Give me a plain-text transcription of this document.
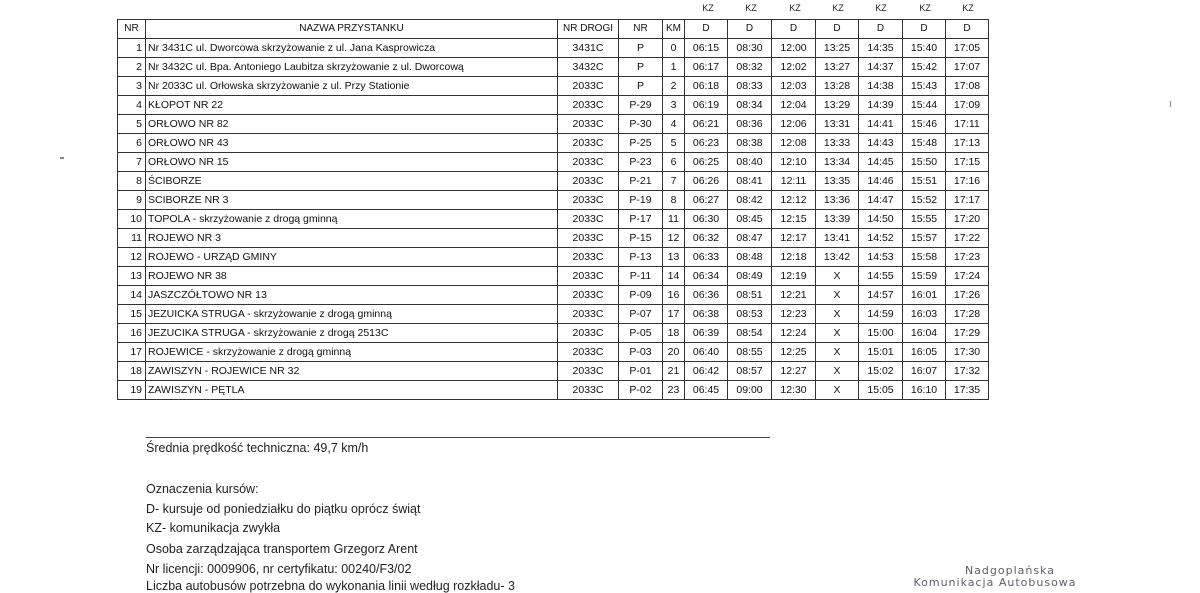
KZ	KZ	KZ	KZ	KZ	KZ	KZ
NR	NAZWA PRZYSTANKU	NR DROGI	NR	KM	D	D	D	D	D	D	D
1	Nr 3431C ul. Dworcowa skrzyżowanie z ul. Jana Kasprowicza	3431C	P	0	06:15	08:30	12:00	13:25	14:35	15:40	17:05
2	Nr 3432C ul. Bpa. Antoniego Laubitza skrzyżowanie z ul. Dworcową	3432C	P	1	06:17	08:32	12:02	13:27	14:37	15:42	17:07
3	Nr 2033C ul. Orłowska skrzyżowanie z ul. Przy Stationie	2033C	P	2	06:18	08:33	12:03	13:28	14:38	15:43	17:08
4	KŁOPOT NR 22	2033C	P-29	3	06:19	08:34	12:04	13:29	14:39	15:44	17:09
5	ORŁOWO NR 82	2033C	P-30	4	06:21	08:36	12:06	13:31	14:41	15:46	17:11
6	ORŁOWO NR 43	2033C	P-25	5	06:23	08:38	12:08	13:33	14:43	15:48	17:13
7	ORŁOWO NR 15	2033C	P-23	6	06:25	08:40	12:10	13:34	14:45	15:50	17:15
8	ŚCIBORZE	2033C	P-21	7	06:26	08:41	12:11	13:35	14:46	15:51	17:16
9	SCIBORZE NR 3	2033C	P-19	8	06:27	08:42	12:12	13:36	14:47	15:52	17:17
10	TOPOLA - skrzyżowanie z drogą gminną	2033C	P-17	11	06:30	08:45	12:15	13:39	14:50	15:55	17:20
11	ROJEWO NR 3	2033C	P-15	12	06:32	08:47	12:17	13:41	14:52	15:57	17:22
12	ROJEWO - URZĄD GMINY	2033C	P-13	13	06:33	08:48	12:18	13:42	14:53	15:58	17:23
13	ROJEWO NR 38	2033C	P-11	14	06:34	08:49	12:19	X	14:55	15:59	17:24
14	JASZCZÓŁTOWO NR 13	2033C	P-09	16	06:36	08:51	12:21	X	14:57	16:01	17:26
15	JEZUICKA STRUGA - skrzyżowanie z drogą gminną	2033C	P-07	17	06:38	08:53	12:23	X	14:59	16:03	17:28
16	JEZUCIKA STRUGA - skrzyżowanie z drogą 2513C	2033C	P-05	18	06:39	08:54	12:24	X	15:00	16:04	17:29
17	ROJEWICE - skrzyżowanie z drogą gminną	2033C	P-03	20	06:40	08:55	12:25	X	15:01	16:05	17:30
18	ZAWISZYN - ROJEWICE NR 32	2033C	P-01	21	06:42	08:57	12:27	X	15:02	16:07	17:32
19	ZAWISZYN - PĘTLA	2033C	P-02	23	06:45	09:00	12:30	X	15:05	16:10	17:35
Średnia prędkość techniczna: 49,7 km/h
Oznaczenia kursów:
D- kursuje od poniedziałku do piątku oprócz świąt
KZ- komunikacja zwykła
Osoba zarządzająca transportem Grzegorz Arent
Nr licencji: 0009906, nr certyfikatu: 00240/F3/02
Liczba autobusów potrzebna do wykonania linii według rozkładu- 3
Nadgoplańska
Komunikacja Autobusowa
